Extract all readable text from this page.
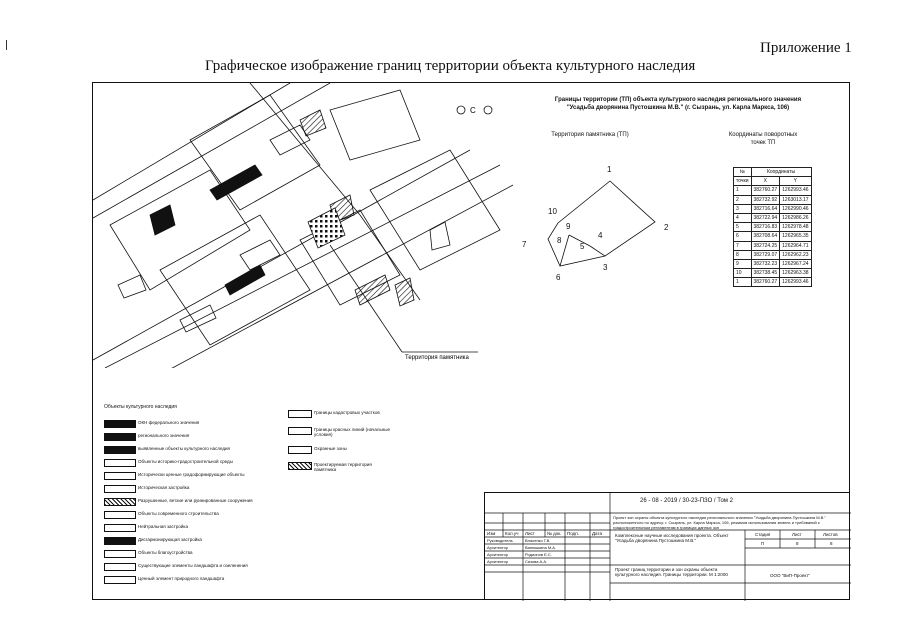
Приложение 1
Графическое изображение границ территории объекта культурного наследия
Территория памятника
С
Границы территории (ТП) объекта культурного наследия регионального значения
"Усадьба дворянина Пустошкина М.В." (г. Сызрань, ул. Карла Маркса, 106)
Территория памятника (ТП)	Координаты поворотных
точек ТП
1
2
3
4
5
6
7	8
9
10
№	Координаты	
точки	X	Y
1	382760.27	1262993.46
2	382732.92	1263013.17
3	382716.64	1262990.46
4	382722.94	1262986.26
5	382716.83	1262978.48
6	382708.64	1262965.35
7	382724.25	1262964.71
8	382729.07	1262962.23
9	382732.23	1262967.24
10	382738.45	1262963.38
1	382760.27	1262993.46
Объекты культурного наследия
ОКН федерального значения
регионального значения
выявленные объекты культурного наследия
Объекты историко-градостроительной среды
Исторически ценные градоформирующие объекты
Историческая застройка
Разрушенные, ветхие или руинированные сооружения
Объекты современного строительства
Нейтральная застройка
Дисгармонирующая застройка
Объекты благоустройства
Существующие элементы ландшафта и озеленения
Ценный элемент природного ландшафта
Границы кадастровых участков
Границы красных линий (начальные условия)
Охранные зоны
Проектируемая территория памятника
26 - 08 - 2019 / 30-23-ПЗО / Том 2
Проект зон охраны объекта культурного наследия регионального значения "Усадьба дворянина Пустошкина М.В." расположенного по адресу: г. Сызрань, ул. Карла Маркса, 106, режимов использования земель и требований к градостроительным регламентам в границах данных зон
Изм Кол.уч Лист	№ док. Подп.	Дата
Руководитель	Власенко Г.В.
Архитектор	Ванюшкина М.А.
Архитектор	Родионов Е.С.
Архитектор	Сизова А.А.
Комплексные научные исследования проекта. Объект "Усадьба дворянина Пустошкина М.В."
Проект границ территории и зон охраны объекта культурного наследия. Границы территории. М 1:2000
Стадия	Лист	Листов
П	8	8
ООО "ВиП-Проект"
